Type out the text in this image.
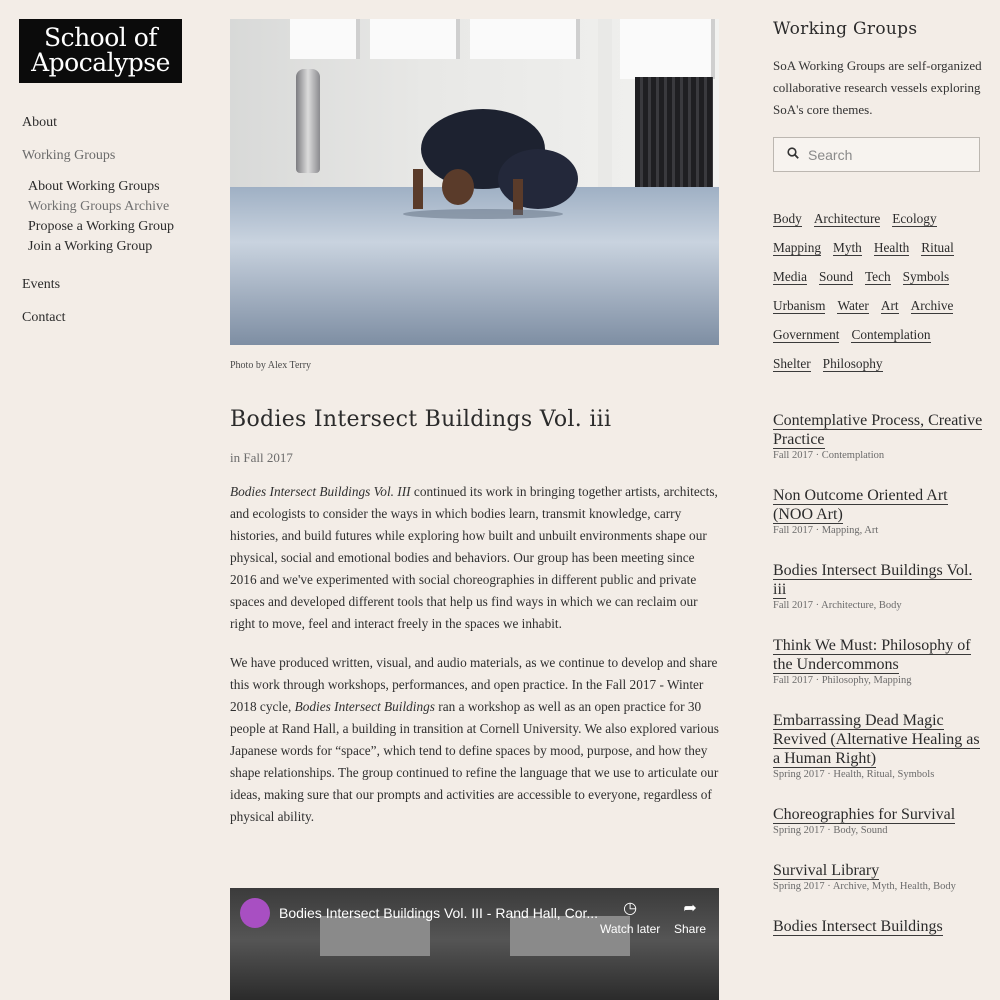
School of
Apocalypse
About
Working Groups
About Working Groups
Working Groups Archive
Propose a Working Group
Join a Working Group
Events
Contact
Photo by Alex Terry
Bodies Intersect Buildings Vol. iii
in Fall 2017

Bodies Intersect Buildings Vol. III continued its work in bringing together artists, architects, and ecologists to consider the ways in which bodies learn, transmit knowledge, carry histories, and build futures while exploring how built and unbuilt environments shape our physical, social and emotional bodies and behaviors. Our group has been meeting since 2016 and we've experimented with social choreographies in different public and private spaces and developed different tools that help us find ways in which we can reclaim our right to move, feel and interact freely in the spaces we inhabit.

We have produced written, visual, and audio materials, as we continue to develop and share this work through workshops, performances, and open practice. In the Fall 2017 - Winter 2018 cycle, Bodies Intersect Buildings ran a workshop as well as an open practice for 30 people at Rand Hall, a building in transition at Cornell University. We also explored various Japanese words for “space”, which tend to define spaces by mood, purpose, and how they shape relationships. The group continued to refine the language that we use to articulate our ideas, making sure that our prompts and activities are accessible to everyone, regardless of physical ability.

Bodies Intersect Buildings Vol. III - Rand Hall, Cor...	◷
Watch later
➦
Share
Working Groups
SoA Working Groups are self-organized collaborative research vessels exploring SoA's core themes.
Search
Body Architecture EcologyMapping Myth Health RitualMedia Sound Tech SymbolsUrbanism Water Art ArchiveGovernment ContemplationShelter Philosophy
Contemplative Process, Creative Practice
Fall 2017 · Contemplation
Non Outcome Oriented Art (NOO Art)
Fall 2017 · Mapping, Art
Bodies Intersect Buildings Vol. iii
Fall 2017 · Architecture, Body
Think We Must: Philosophy of the Undercommons
Fall 2017 · Philosophy, Mapping
Embarrassing Dead Magic Revived (Alternative Healing as a Human Right)
Spring 2017 · Health, Ritual, Symbols
Choreographies for Survival
Spring 2017 · Body, Sound
Survival Library
Spring 2017 · Archive, Myth, Health, Body
Bodies Intersect Buildings
